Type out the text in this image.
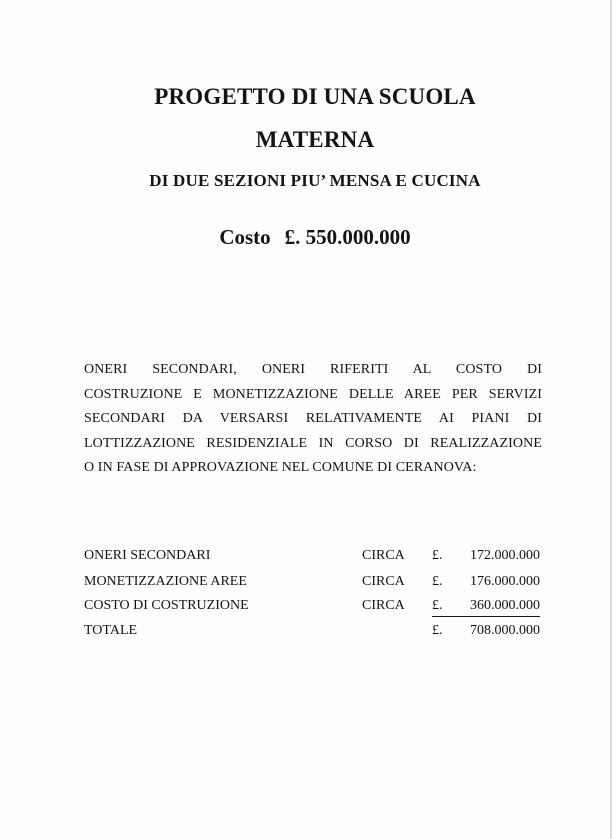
PROGETTO DI UNA SCUOLA
MATERNA
DI DUE SEZIONI PIU’ MENSA E CUCINA
Costo £. 550.000.000
ONERI SECONDARI, ONERI RIFERITI AL COSTO DI
COSTRUZIONE E MONETIZZAZIONE DELLE AREE PER SERVIZI
SECONDARI DA VERSARSI RELATIVAMENTE AI PIANI DI
LOTTIZZAZIONE RESIDENZIALE IN CORSO DI REALIZZAZIONE
O IN FASE DI APPROVAZIONE NEL COMUNE DI CERANOVA:
ONERI SECONDARI	CIRCA £. 172.000.000
MONETIZZAZIONE AREE	CIRCA £. 176.000.000
COSTO DI COSTRUZIONE	CIRCA £. 360.000.000
TOTALE	£. 708.000.000
